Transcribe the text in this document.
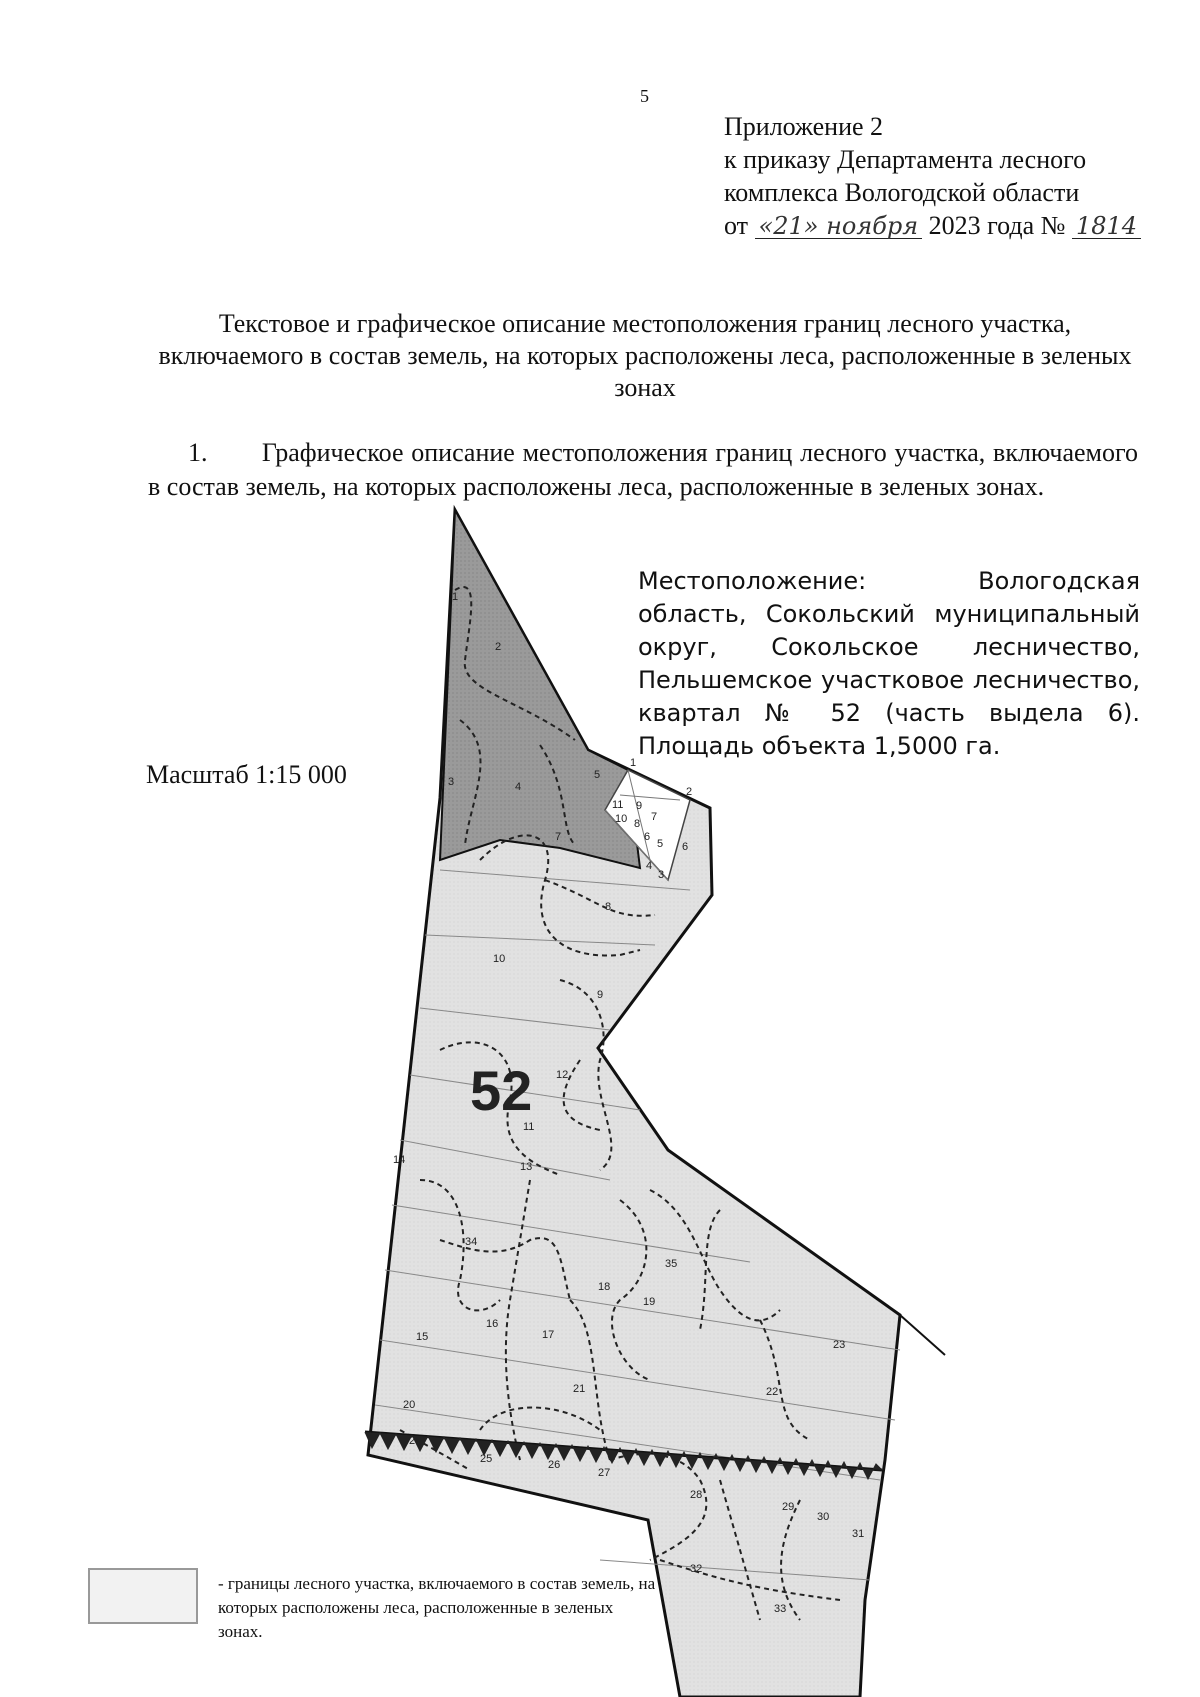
5
Приложение 2
к приказу Департамента лесного
комплекса Вологодской области
от «21» ноября 2023 года № 1814
Текстовое и графическое описание местоположения границ лесного участка, включаемого в состав земель, на которых расположены леса, расположенные в зеленых зонах
1. Графическое описание местоположения границ лесного участка, включаемого в состав земель, на которых расположены леса, расположенные в зеленых зонах.
1
2
3	4
5
6
7
8
9
10
11
12
13
14
15
16
17
18
19
20
21	22
23
24
25	26
27
28
29
30
31
32
33
34
35
1
2
3
4
5
6
7
8
9
10
11
52
Местоположение: Вологодская область, Сокольский муниципальный округ, Сокольское лесничество, Пельшемское участковое лесничество, квартал № 52 (часть выдела 6). Площадь объекта 1,5000 га.
Масштаб 1:15 000
- границы лесного участка, включаемого в состав земель, на которых расположены леса, расположенные в зеленых зонах.
